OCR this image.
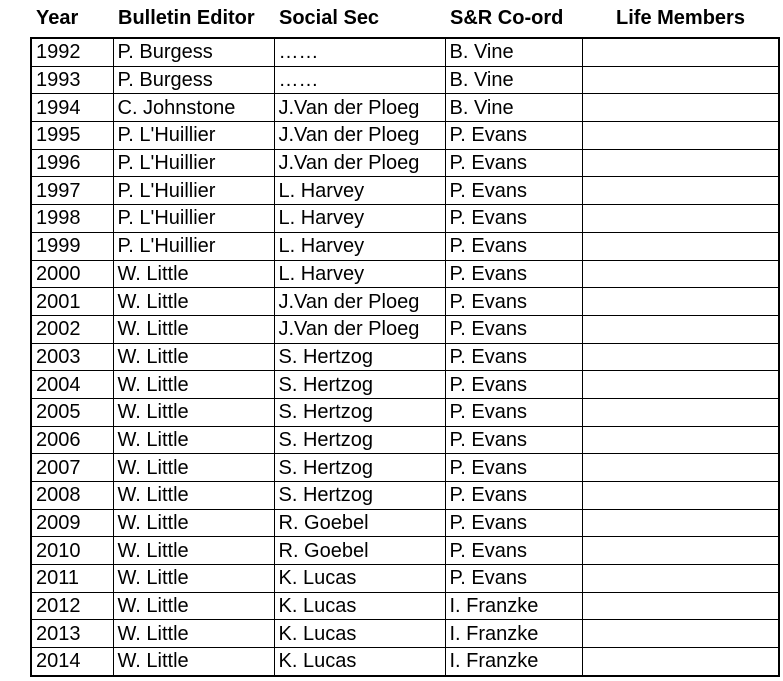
Year	Bulletin Editor	Social Sec	S&R Co-ord	Life Members
1992	P. Burgess	……	B. Vine	
1993	P. Burgess	……	B. Vine	
1994	C. Johnstone	J.Van der Ploeg	B. Vine	
1995	P. L'Huillier	J.Van der Ploeg	P. Evans	
1996	P. L'Huillier	J.Van der Ploeg	P. Evans	
1997	P. L'Huillier	L. Harvey	P. Evans	
1998	P. L'Huillier	L. Harvey	P. Evans	
1999	P. L'Huillier	L. Harvey	P. Evans	
2000	W. Little	L. Harvey	P. Evans	
2001	W. Little	J.Van der Ploeg	P. Evans	
2002	W. Little	J.Van der Ploeg	P. Evans	
2003	W. Little	S. Hertzog	P. Evans	
2004	W. Little	S. Hertzog	P. Evans	
2005	W. Little	S. Hertzog	P. Evans	
2006	W. Little	S. Hertzog	P. Evans	
2007	W. Little	S. Hertzog	P. Evans	
2008	W. Little	S. Hertzog	P. Evans	
2009	W. Little	R. Goebel	P. Evans	
2010	W. Little	R. Goebel	P. Evans	
2011	W. Little	K. Lucas	P. Evans	
2012	W. Little	K. Lucas	I. Franzke	
2013	W. Little	K. Lucas	I. Franzke	
2014	W. Little	K. Lucas	I. Franzke	
